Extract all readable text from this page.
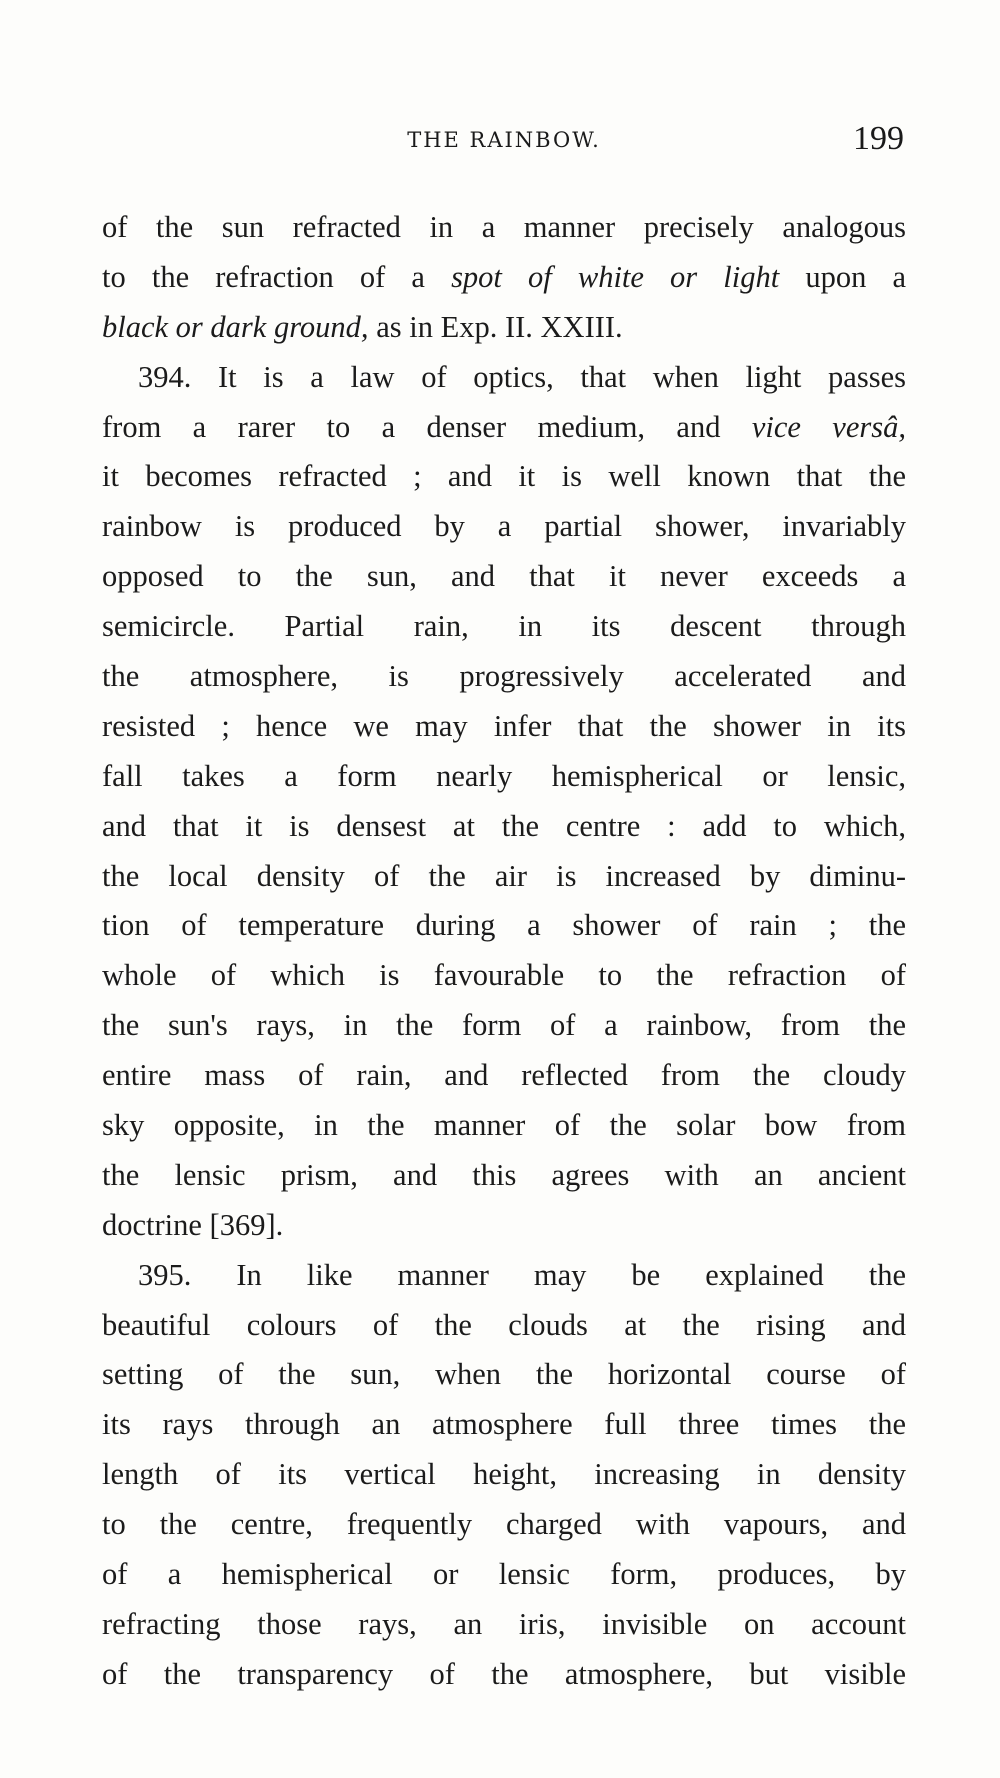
THE RAINBOW.	199
of the sun refracted in a manner precisely analogous
to the refraction of a spot of white or light upon a
black or dark ground, as in Exp. II. XXIII.
394. It is a law of optics, that when light passes
from a rarer to a denser medium, and vice versâ,
it becomes refracted ; and it is well known that the
rainbow is produced by a partial shower, invariably
opposed to the sun, and that it never exceeds a
semicircle. Partial rain, in its descent through
the atmosphere, is progressively accelerated and
resisted ; hence we may infer that the shower in its
fall takes a form nearly hemispherical or lensic,
and that it is densest at the centre : add to which,
the local density of the air is increased by diminu-
tion of temperature during a shower of rain ; the
whole of which is favourable to the refraction of
the sun's rays, in the form of a rainbow, from the
entire mass of rain, and reflected from the cloudy
sky opposite, in the manner of the solar bow from
the lensic prism, and this agrees with an ancient
doctrine [369].
395. In like manner may be explained the
beautiful colours of the clouds at the rising and
setting of the sun, when the horizontal course of
its rays through an atmosphere full three times the
length of its vertical height, increasing in density
to the centre, frequently charged with vapours, and
of a hemispherical or lensic form, produces, by
refracting those rays, an iris, invisible on account
of the transparency of the atmosphere, but visible
